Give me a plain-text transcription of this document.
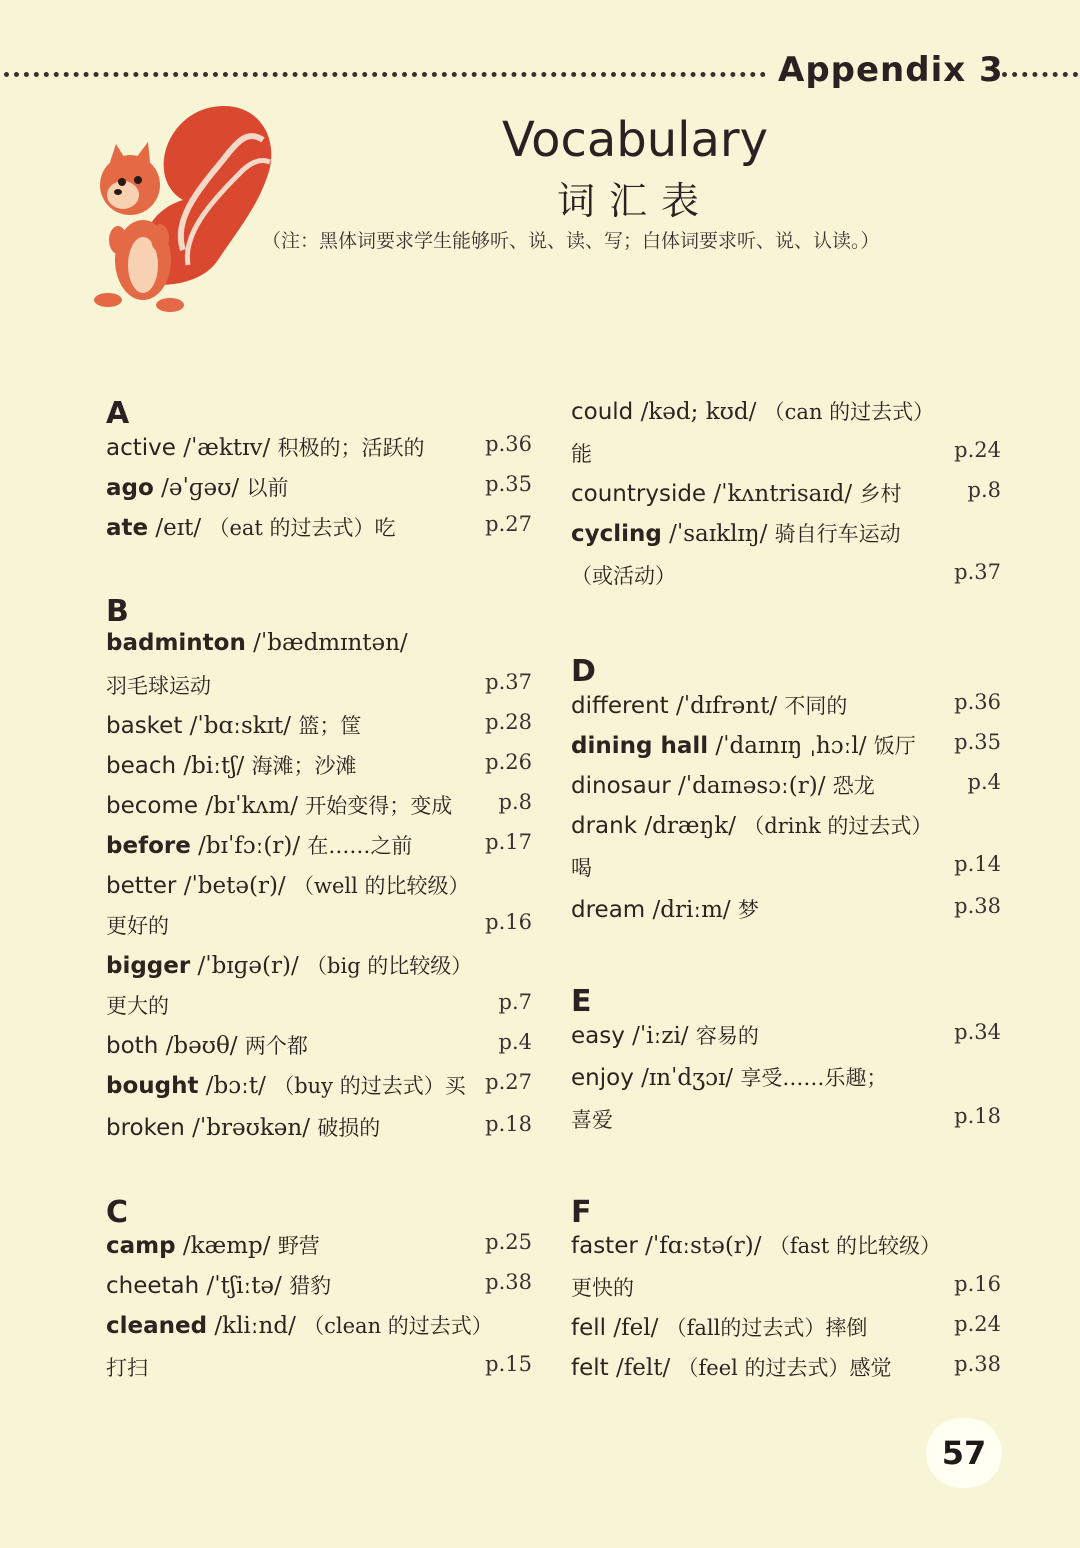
Appendix 3
Vocabulary
词汇表
（注：黑体词要求学生能够听、说、读、写；白体词要求听、说、认读。）
A
B
C
active /ˈæktɪv/ 积极的；活跃的	p.36
ago /əˈɡəʊ/ 以前	p.35
ate /eɪt/ （eat 的过去式）吃	p.27
badminton /ˈbædmɪntən/
羽毛球运动	p.37
basket /ˈbɑːskɪt/ 篮；筐	p.28
beach /biːtʃ/ 海滩；沙滩	p.26
become /bɪˈkʌm/ 开始变得；变成 p.8
before /bɪˈfɔː(r)/ 在……之前	p.17
better /ˈbetə(r)/ （well 的比较级）
更好的	p.16
bigger /ˈbɪɡə(r)/ （big 的比较级）
更大的	p.7
both /bəʊθ/ 两个都	p.4
bought /bɔːt/ （buy 的过去式）买 p.27
broken /ˈbrəʊkən/ 破损的	p.18
camp /kæmp/ 野营	p.25
cheetah /ˈtʃiːtə/ 猎豹	p.38
cleaned /kliːnd/ （clean 的过去式）
打扫	p.15
D
E
F
could /kəd; kʊd/ （can 的过去式）
能	p.24
countryside /ˈkʌntrisaɪd/ 乡村	p.8
cycling /ˈsaɪklɪŋ/ 骑自行车运动
（或活动）	p.37
different /ˈdɪfrənt/ 不同的	p.36
dining hall /ˈdaɪnɪŋ ˌhɔːl/ 饭厅 p.35
dinosaur /ˈdaɪnəsɔː(r)/ 恐龙	p.4
drank /dræŋk/ （drink 的过去式）
喝	p.14
dream /driːm/ 梦	p.38
easy /ˈiːzi/ 容易的	p.34
enjoy /ɪnˈdʒɔɪ/ 享受……乐趣；
喜爱	p.18
faster /ˈfɑːstə(r)/ （fast 的比较级）
更快的	p.16
fell /fel/ （fall的过去式）摔倒	p.24
felt /felt/ （feel 的过去式）感觉	p.38
57
